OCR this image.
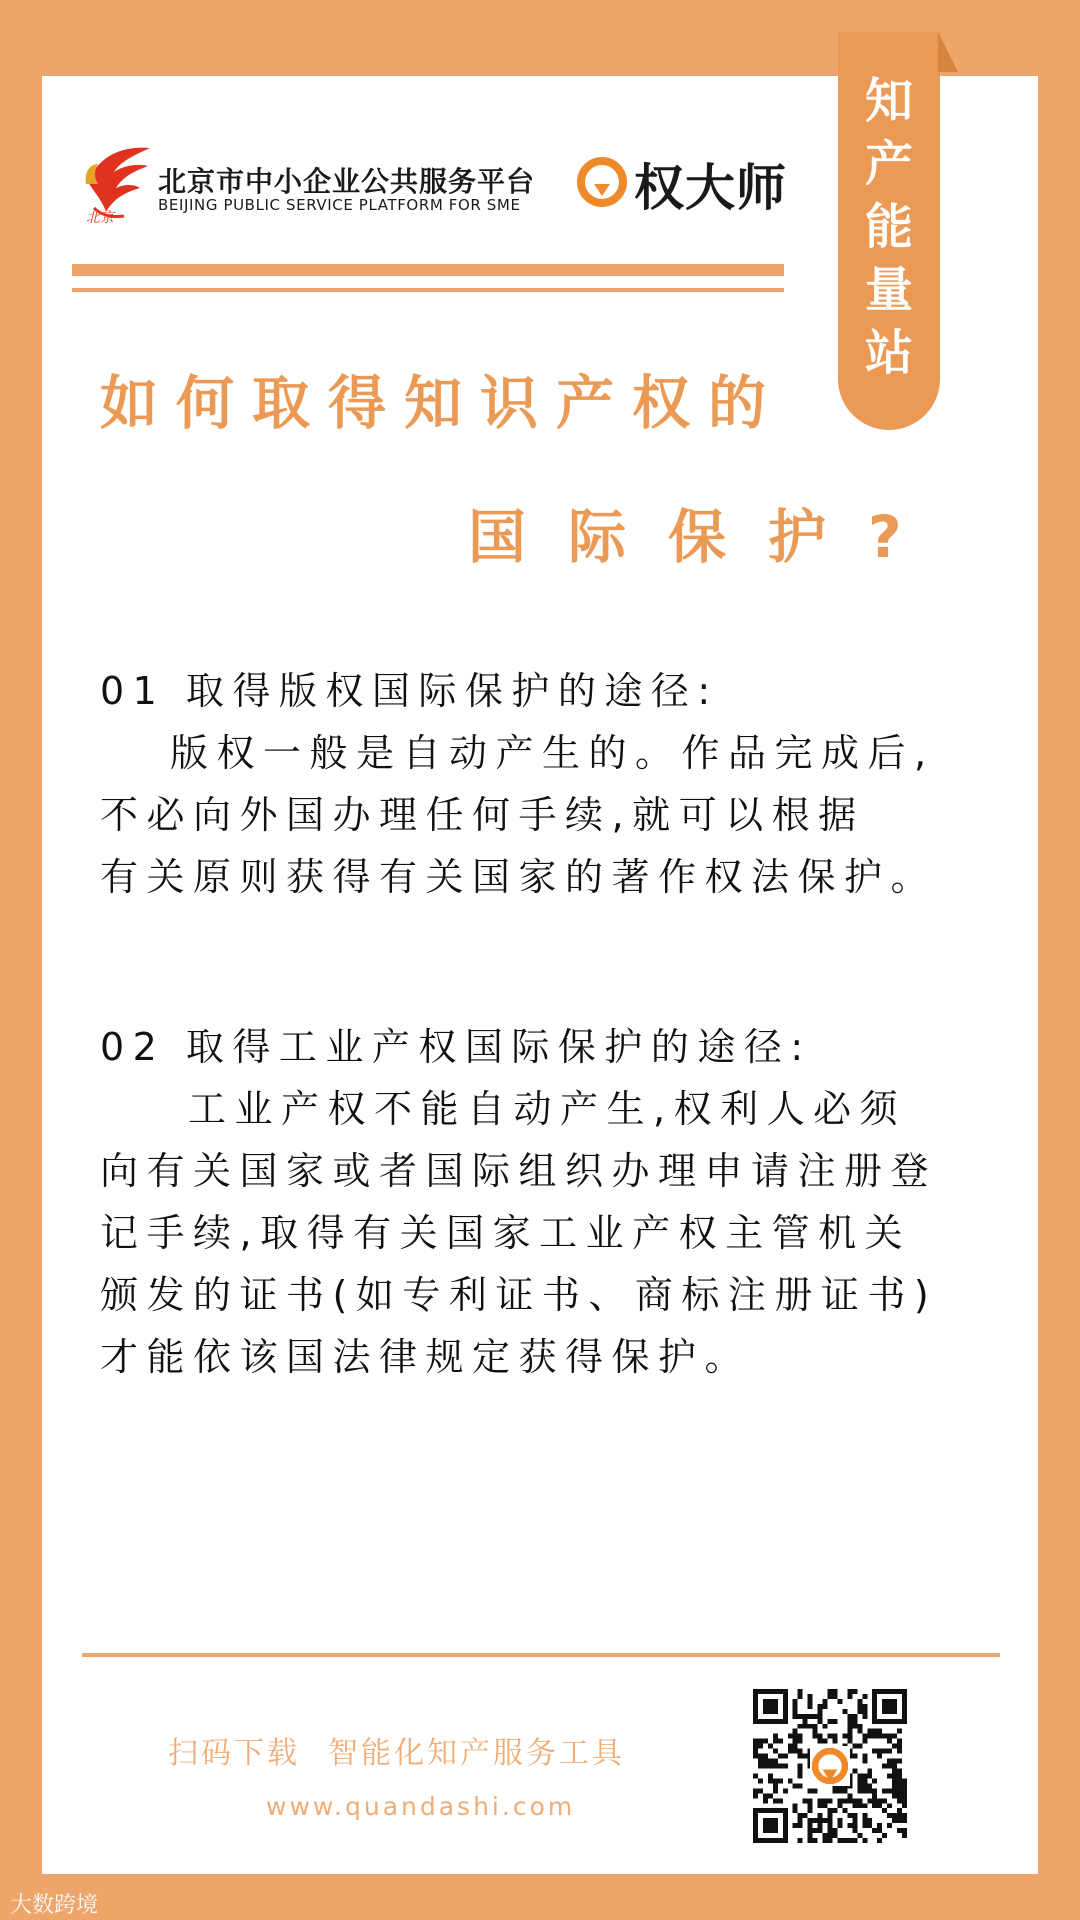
北京
北京市中小企业公共服务平台
BEIJING PUBLIC SERVICE PLATFORM FOR SME 权大师
知
产
能
量
站
如何取得知识产权的
国际保护?
01 取得版权国际保护的途径:
版权一般是自动产生的。作品完成后,
不必向外国办理任何手续,就可以根据
有关原则获得有关国家的著作权法保护。
02 取得工业产权国际保护的途径:
工业产权不能自动产生,权利人必须
向有关国家或者国际组织办理申请注册登
记手续,取得有关国家工业产权主管机关
颁发的证书(如专利证书、商标注册证书)
才能依该国法律规定获得保护。
扫码下载 智能化知产服务工具
www.quandashi.com
大数跨境
